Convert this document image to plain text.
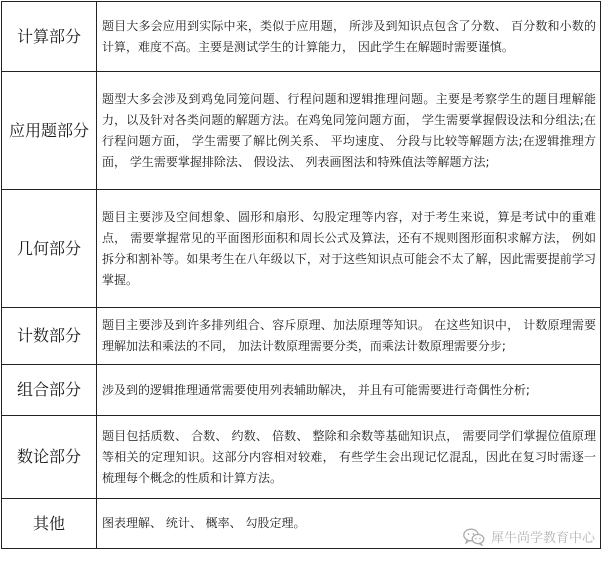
计算部分	题目大多会应用到实际中来，类似于应用题， 所涉及到知识点包含了分数、 百分数和小数的计算，难度不高。主要是测试学生的计算能力， 因此学生在解题时需要谨慎。
应用题部分	题型大多会涉及到鸡兔同笼问题、行程问题和逻辑推理问题。主要是考察学生的题目理解能力，以及针对各类问题的解题方法。在鸡兔同笼问题方面， 学生需要掌握假设法和分组法;在行程问题方面， 学生需要了解比例关系、 平均速度、 分段与比较等解题方法;在逻辑推理方面， 学生需要掌握排除法、 假设法、 列表画图法和特殊值法等解题方法;
几何部分	题目主要涉及空间想象、圆形和扇形、勾股定理等内容，对于考生来说，算是考试中的重难点， 需要掌握常见的平面图形面积和周长公式及算法，还有不规则图形面积求解方法， 例如拆分和割补等。如果考生在八年级以下，对于这些知识点可能会不太了解，因此需要提前学习掌握。
计数部分	题目主要涉及到许多排列组合、容斥原理、加法原理等知识。 在这些知识中， 计数原理需要理解加法和乘法的不同， 加法计数原理需要分类，而乘法计数原理需要分步;
组合部分	涉及到的逻辑推理通常需要使用列表辅助解决， 并且有可能需要进行奇偶性分析;
数论部分	题目包括质数、 合数、 约数、 倍数、 整除和余数等基础知识点， 需要同学们掌握位值原理等相关的定理知识。这部分内容相对较难， 有些学生会出现记忆混乱，因此在复习时需逐一梳理每个概念的性质和计算方法。
其他	图表理解、 统计、 概率、 勾股定理。
犀牛尚学教育中心
